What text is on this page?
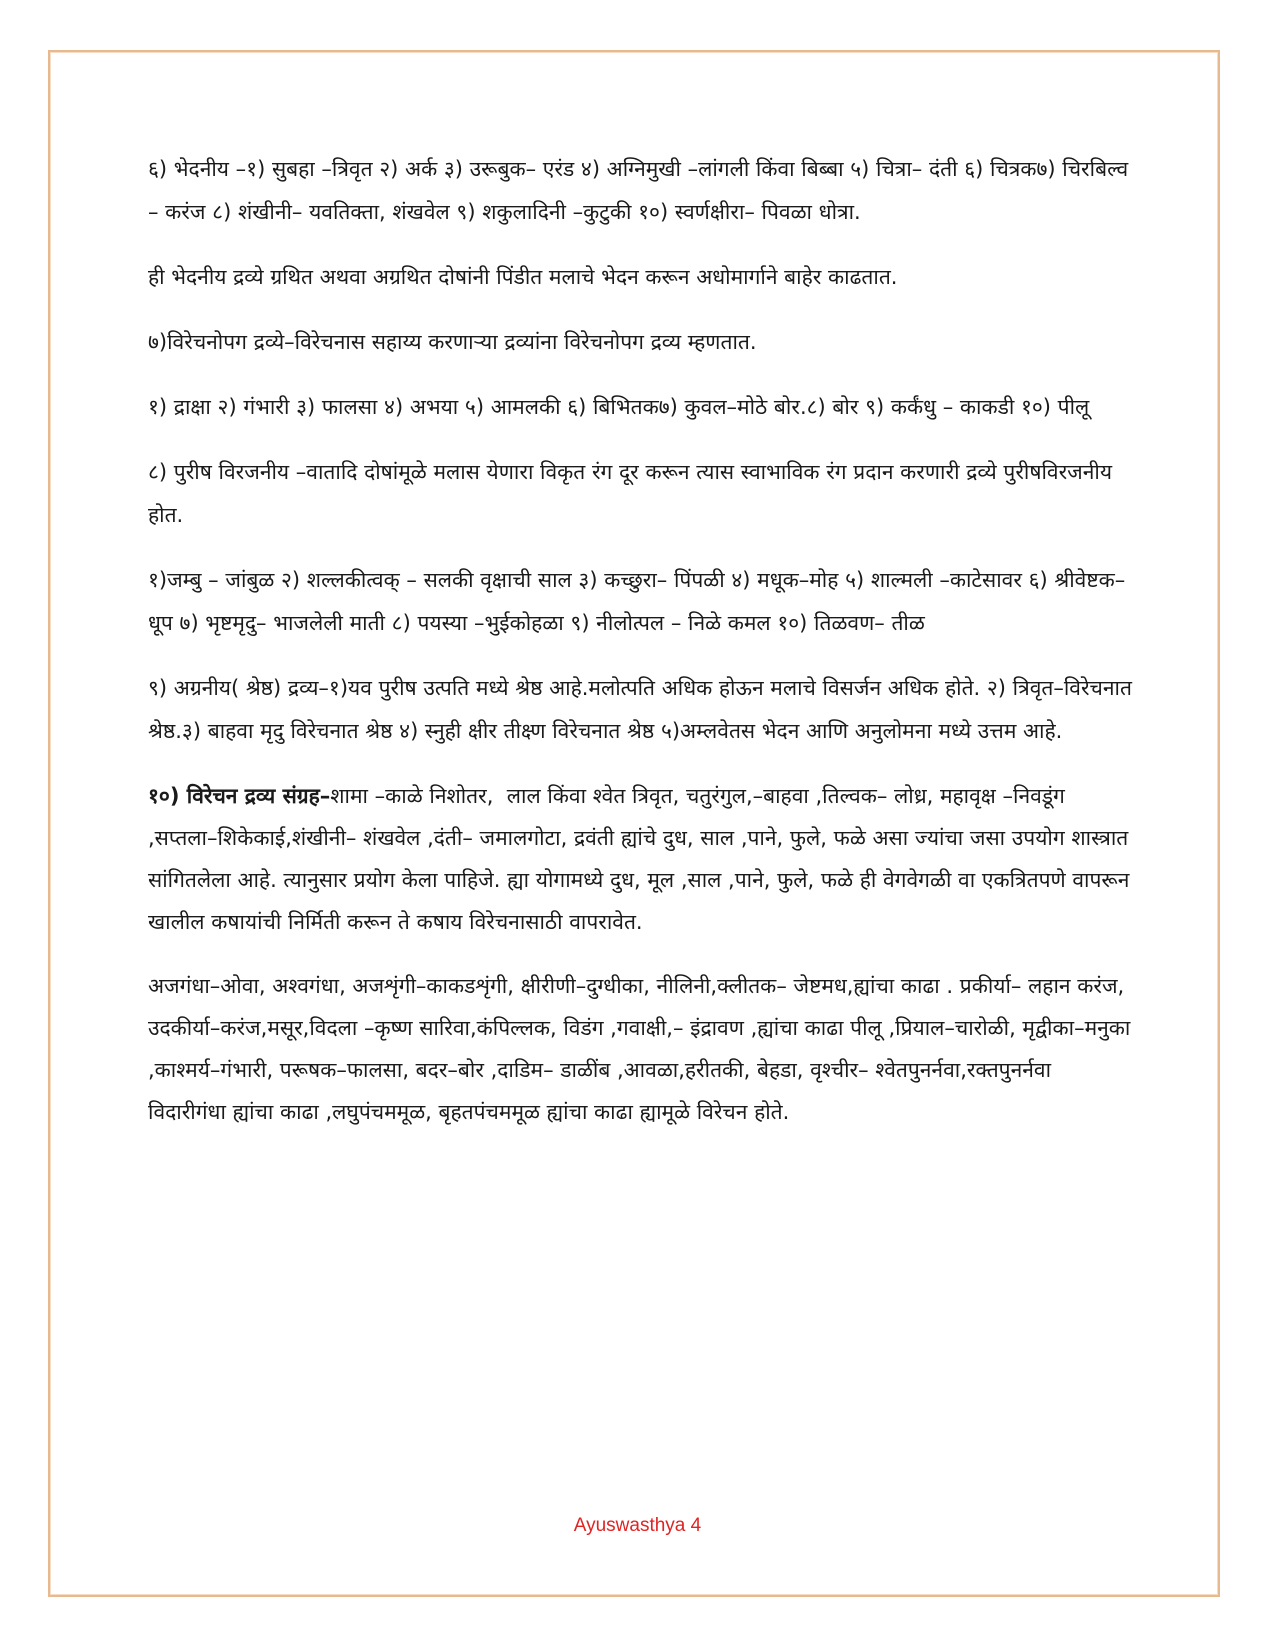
६) भेदनीय –१) सुबहा –त्रिवृत २) अर्क ३) उरूबुक– एरंड ४) अग्निमुखी –लांगली किंवा बिब्बा ५) चित्रा– दंती ६) चित्रक७) चिरबिल्व – करंज ८) शंखीनी– यवतिक्ता, शंखवेल ९) शकुलादिनी –कुटुकी १०) स्वर्णक्षीरा– पिवळा धोत्रा.

ही भेदनीय द्रव्ये ग्रथित अथवा अग्रथित दोषांनी पिंडीत मलाचे भेदन करून अधोमार्गाने बाहेर काढतात.

७)विरेचनोपग द्रव्ये–विरेचनास सहाय्य करणाऱ्या द्रव्यांना विरेचनोपग द्रव्य म्हणतात.

१) द्राक्षा २) गंभारी ३) फालसा ४) अभया ५) आमलकी ६) बिभितक७) कुवल–मोठे बोर.८) बोर ९) कर्कंधु – काकडी १०) पीलू

८) पुरीष विरजनीय –वातादि दोषांमूळे मलास येणारा विकृत रंग दूर करून त्यास स्वाभाविक रंग प्रदान करणारी द्रव्ये पुरीषविरजनीय होत.

१)जम्बु – जांबुळ २) शल्लकीत्वक् – सलकी वृक्षाची साल ३) कच्छुरा– पिंपळी ४) मधूक–मोह ५) शाल्मली –काटेसावर ६) श्रीवेष्टक–धूप ७) भृष्टमृदु– भाजलेली माती ८) पयस्या –भुईकोहळा ९) नीलोत्पल – निळे कमल १०) तिळवण– तीळ

९) अग्रनीय( श्रेष्ठ) द्रव्य–१)यव पुरीष उत्पति मध्ये श्रेष्ठ आहे.मलोत्पति अधिक होऊन मलाचे विसर्जन अधिक होते. २) त्रिवृत–विरेचनात श्रेष्ठ.३) बाहवा मृदु विरेचनात श्रेष्ठ ४) स्नुही क्षीर तीक्ष्ण विरेचनात श्रेष्ठ ५)अम्लवेतस भेदन आणि अनुलोमना मध्ये उत्तम आहे.

१०) विरेचन द्रव्य संग्रह–शामा –काळे निशोतर,  लाल किंवा श्वेत त्रिवृत, चतुरंगुल,–बाहवा ,तिल्वक– लोध्र, महावृक्ष –निवडूंग ,सप्तला–शिकेकाई,शंखीनी– शंखवेल ,दंती– जमालगोटा, द्रवंती ह्यांचे दुध, साल ,पाने, फुले, फळे असा ज्यांचा जसा उपयोग शास्त्रात सांगितलेला आहे. त्यानुसार प्रयोग केला पाहिजे. ह्या योगामध्ये दुध, मूल ,साल ,पाने, फुले, फळे ही वेगवेगळी वा एकत्रितपणे वापरून खालील कषायांची निर्मिती करून ते कषाय विरेचनासाठी वापरावेत.

अजगंधा–ओवा, अश्वगंधा, अजशृंगी–काकडशृंगी, क्षीरीणी–दुग्धीका, नीलिनी,क्लीतक– जेष्टमध,ह्यांचा काढा . प्रकीर्या– लहान करंज, उदकीर्या–करंज,मसूर,विदला –कृष्ण सारिवा,कंपिल्लक, विडंग ,गवाक्षी,– इंद्रावण ,ह्यांचा काढा पीलू ,प्रियाल–चारोळी, मृद्वीका–मनुका ,काश्मर्य–गंभारी, परूषक–फालसा, बदर–बोर ,दाडिम– डाळींब ,आवळा,हरीतकी, बेहडा, वृश्चीर– श्वेतपुनर्नवा,रक्तपुनर्नवा विदारीगंधा ह्यांचा काढा ,लघुपंचममूळ, बृहतपंचममूळ ह्यांचा काढा ह्यामूळे विरेचन होते.

Ayuswasthya 4
